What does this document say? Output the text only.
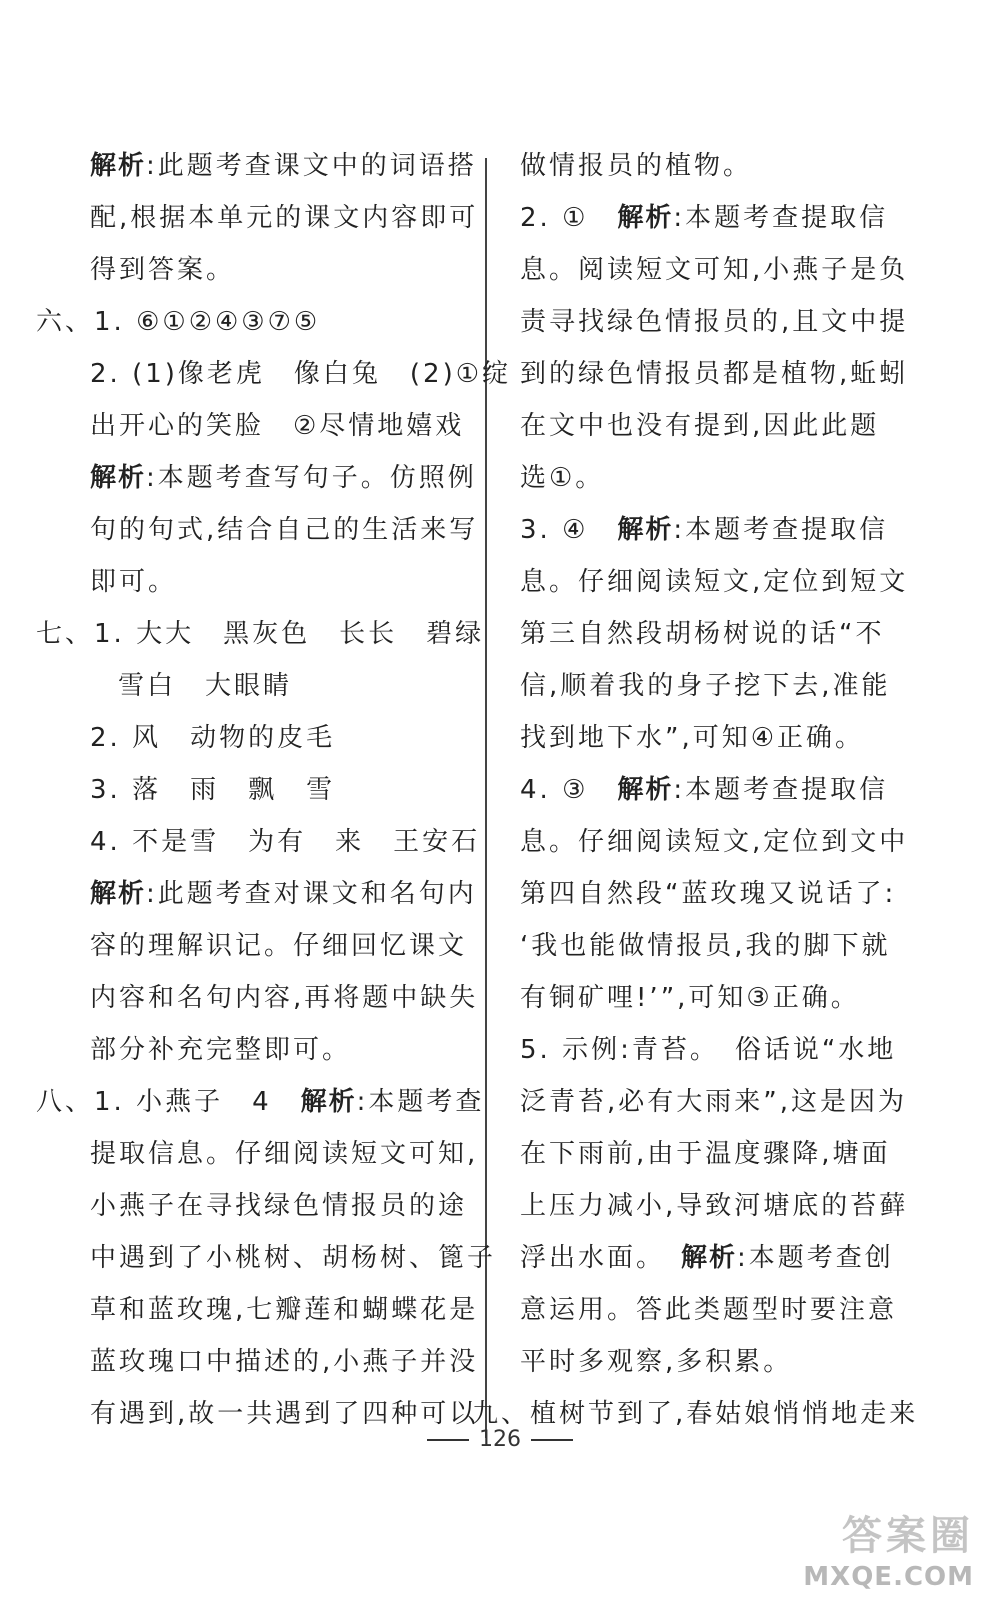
解析:此题考查课文中的词语搭
配,根据本单元的课文内容即可
得到答案。
六、1. ⑥①②④③⑦⑤
2. (1)像老虎　像白兔　(2)①绽
出开心的笑脸　②尽情地嬉戏
解析:本题考查写句子。仿照例
句的句式,结合自己的生活来写
即可。
七、1. 大大　黑灰色　长长　碧绿
雪白　大眼睛
2. 风　动物的皮毛
3. 落　雨　飘　雪
4. 不是雪　为有　来　王安石
解析:此题考查对课文和名句内
容的理解识记。仔细回忆课文
内容和名句内容,再将题中缺失
部分补充完整即可。
八、1. 小燕子　4　解析:本题考查
提取信息。仔细阅读短文可知,
小燕子在寻找绿色情报员的途
中遇到了小桃树、胡杨树、篦子
草和蓝玫瑰,七瓣莲和蝴蝶花是
蓝玫瑰口中描述的,小燕子并没
有遇到,故一共遇到了四种可以
做情报员的植物。
2. ①　解析:本题考查提取信
息。阅读短文可知,小燕子是负
责寻找绿色情报员的,且文中提
到的绿色情报员都是植物,蚯蚓
在文中也没有提到,因此此题
选①。
3. ④　解析:本题考查提取信
息。仔细阅读短文,定位到短文
第三自然段胡杨树说的话“不
信,顺着我的身子挖下去,准能
找到地下水”,可知④正确。
4. ③　解析:本题考查提取信
息。仔细阅读短文,定位到文中
第四自然段“蓝玫瑰又说话了:
‘我也能做情报员,我的脚下就
有铜矿哩!’”,可知③正确。
5. 示例:青苔。　俗话说“水地
泛青苔,必有大雨来”,这是因为
在下雨前,由于温度骤降,塘面
上压力减小,导致河塘底的苔藓
浮出水面。　解析:本题考查创
意运用。答此类题型时要注意
平时多观察,多积累。
九、植树节到了,春姑娘悄悄地走来
126
答案圈
MXQE.COM
